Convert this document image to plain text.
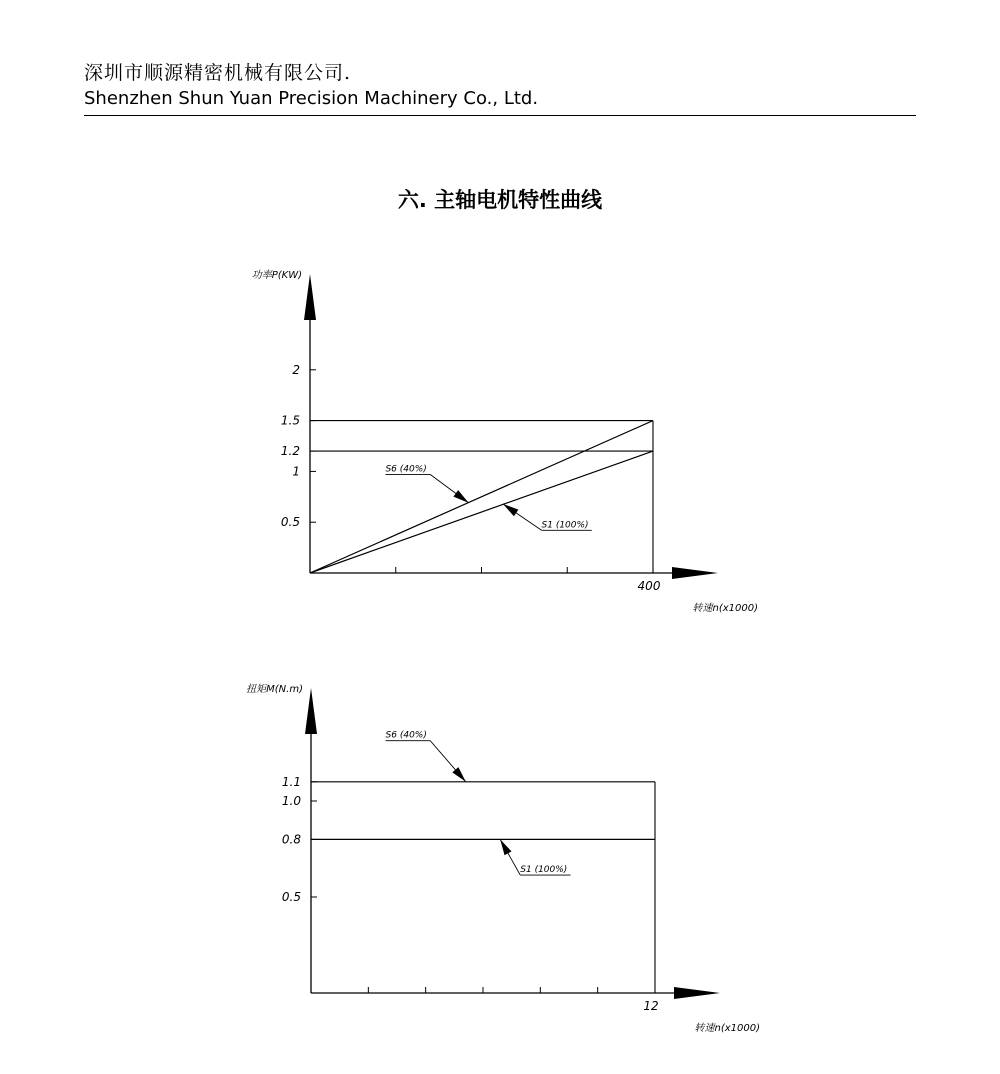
深圳市顺源精密机械有限公司.
Shenzhen Shun Yuan Precision Machinery Co., Ltd.
六. 主轴电机特性曲线
功率P(KW)
转速n(x1000)
2
1.5
1.2
1
0.5
400
S6 (40%)
S1 (100%)
扭矩M(N.m)
转速n(x1000)
1.1
1.0
0.8
0.5
12
S6 (40%)
S1 (100%)
